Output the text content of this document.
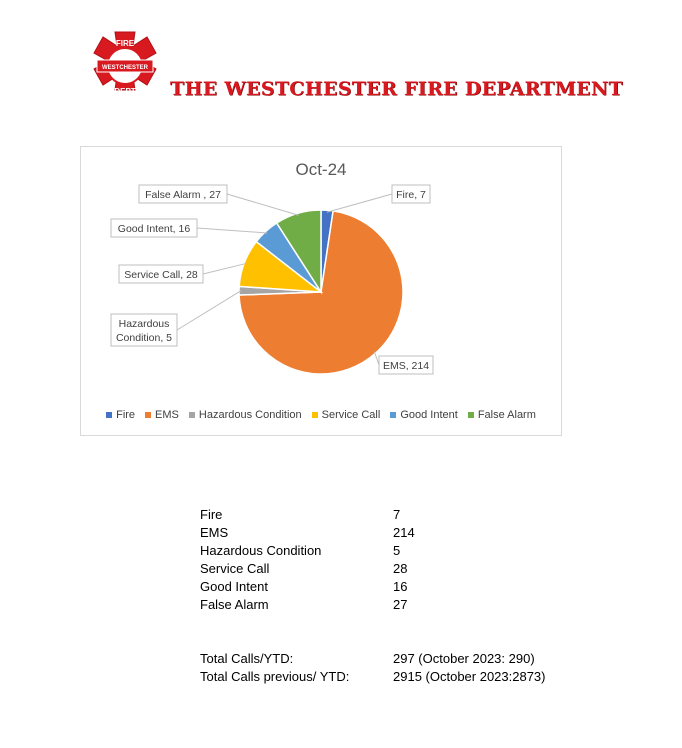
FIRE
WESTCHESTER
DEPT THE WESTCHESTER FIRE DEPARTMENT
Oct-24
Fire, 7
EMS, 214
Hazardous Condition, 5
Service Call, 28
Good Intent, 16
False Alarm , 27
Fire EMS Hazardous Condition Service Call Good Intent False Alarm
Fire	7
EMS	214
Hazardous Condition	5
Service Call	28
Good Intent	16
False Alarm	27
Total Calls/YTD:	297 (October 2023: 290)
Total Calls previous/ YTD:	2915 (October 2023:2873)
